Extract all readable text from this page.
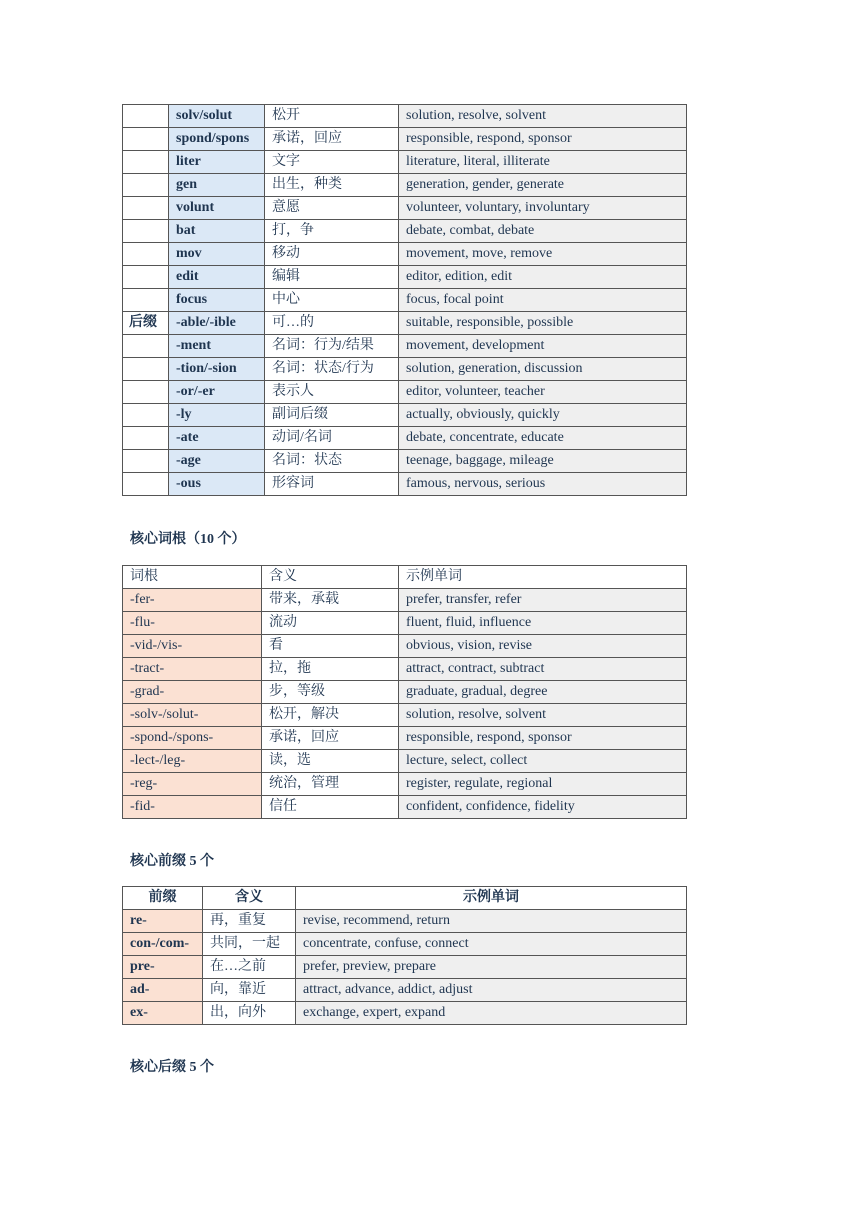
	solv/solut	松开	solution, resolve, solvent
	spond/spons	承诺，回应	responsible, respond, sponsor
	liter	文字	literature, literal, illiterate
	gen	出生，种类	generation, gender, generate
	volunt	意愿	volunteer, voluntary, involuntary
	bat	打，争	debate, combat, debate
	mov	移动	movement, move, remove
	edit	编辑	editor, edition, edit
	focus	中心	focus, focal point
后缀	-able/-ible	可…的	suitable, responsible, possible
	-ment	名词：行为/结果	movement, development
	-tion/-sion	名词：状态/行为	solution, generation, discussion
	-or/-er	表示人	editor, volunteer, teacher
	-ly	副词后缀	actually, obviously, quickly
	-ate	动词/名词	debate, concentrate, educate
	-age	名词：状态	teenage, baggage, mileage
	-ous	形容词	famous, nervous, serious
核心词根（10 个）
词根	含义	示例单词
-fer-	带来，承载	prefer, transfer, refer
-flu-	流动	fluent, fluid, influence
-vid-/vis-	看	obvious, vision, revise
-tract-	拉，拖	attract, contract, subtract
-grad-	步，等级	graduate, gradual, degree
-solv-/solut-	松开，解决	solution, resolve, solvent
-spond-/spons-	承诺，回应	responsible, respond, sponsor
-lect-/leg-	读，选	lecture, select, collect
-reg-	统治，管理	register, regulate, regional
-fid-	信任	confident, confidence, fidelity
核心前缀 5 个
前缀	含义	示例单词
re-	再，重复	revise, recommend, return
con-/com-	共同，一起	concentrate, confuse, connect
pre-	在…之前	prefer, preview, prepare
ad-	向，靠近	attract, advance, addict, adjust
ex-	出，向外	exchange, expert, expand
核心后缀 5 个
